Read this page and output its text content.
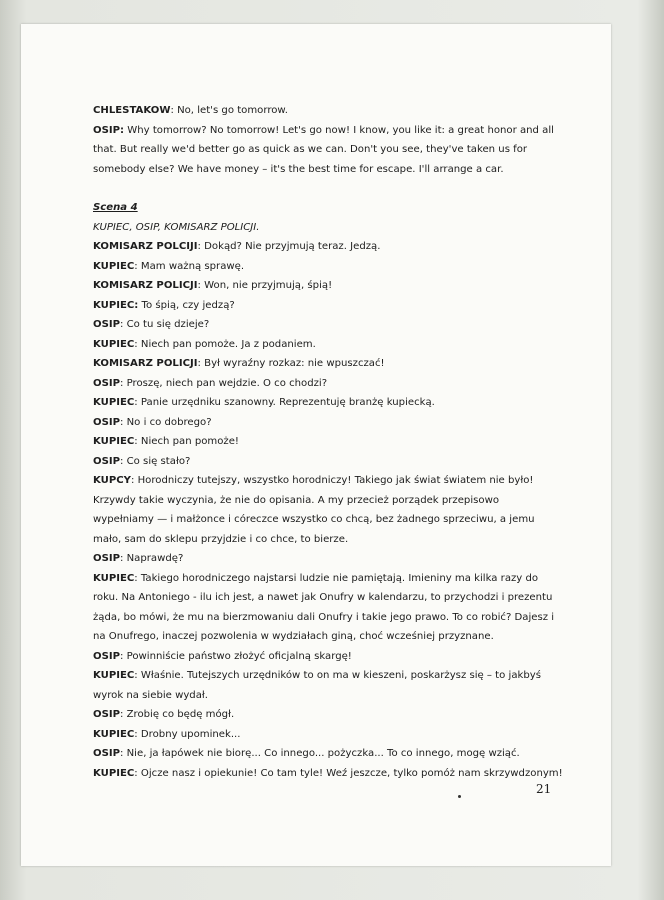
CHLESTAKOW: No, let's go tomorrow.

OSIP: Why tomorrow? No tomorrow! Let's go now! I know, you like it: a great honor and all that. But really we'd better go as quick as we can. Don't you see, they've taken us for somebody else? We have money – it's the best time for escape. I'll arrange a car.

Scena 4

KUPIEC, OSIP, KOMISARZ POLICJI.

KOMISARZ POLCIJI: Dokąd? Nie przyjmują teraz. Jedzą.

KUPIEC: Mam ważną sprawę.

KOMISARZ POLICJI: Won, nie przyjmują, śpią!

KUPIEC: To śpią, czy jedzą?

OSIP: Co tu się dzieje?

KUPIEC: Niech pan pomoże. Ja z podaniem.

KOMISARZ POLICJI: Był wyraźny rozkaz: nie wpuszczać!

OSIP: Proszę, niech pan wejdzie. O co chodzi?

KUPIEC: Panie urzędniku szanowny. Reprezentuję branżę kupiecką.

OSIP: No i co dobrego?

KUPIEC: Niech pan pomoże!

OSIP: Co się stało?

KUPCY: Horodniczy tutejszy, wszystko horodniczy! Takiego jak świat światem nie było! Krzywdy takie wyczynia, że nie do opisania. A my przecież porządek przepisowo wypełniamy — i małżonce i córeczce wszystko co chcą, bez żadnego sprzeciwu, a jemu mało, sam do sklepu przyjdzie i co chce, to bierze.

OSIP: Naprawdę?

KUPIEC: Takiego horodniczego najstarsi ludzie nie pamiętają. Imieniny ma kilka razy do roku. Na Antoniego - ilu ich jest, a nawet jak Onufry w kalendarzu, to przychodzi i prezentu żąda, bo mówi, że mu na bierzmowaniu dali Onufry i takie jego prawo. To co robić? Dajesz i na Onufrego, inaczej pozwolenia w wydziałach giną, choć wcześniej przyznane.

OSIP: Powinniście państwo złożyć oficjalną skargę!

KUPIEC: Właśnie. Tutejszych urzędników to on ma w kieszeni, poskarżysz się – to jakbyś wyrok na siebie wydał.

OSIP: Zrobię co będę mógł.

KUPIEC: Drobny upominek...

OSIP: Nie, ja łapówek nie biorę... Co innego... pożyczka... To co innego, mogę wziąć.

KUPIEC: Ojcze nasz i opiekunie! Co tam tyle! Weź jeszcze, tylko pomóż nam skrzywdzonym!

21
